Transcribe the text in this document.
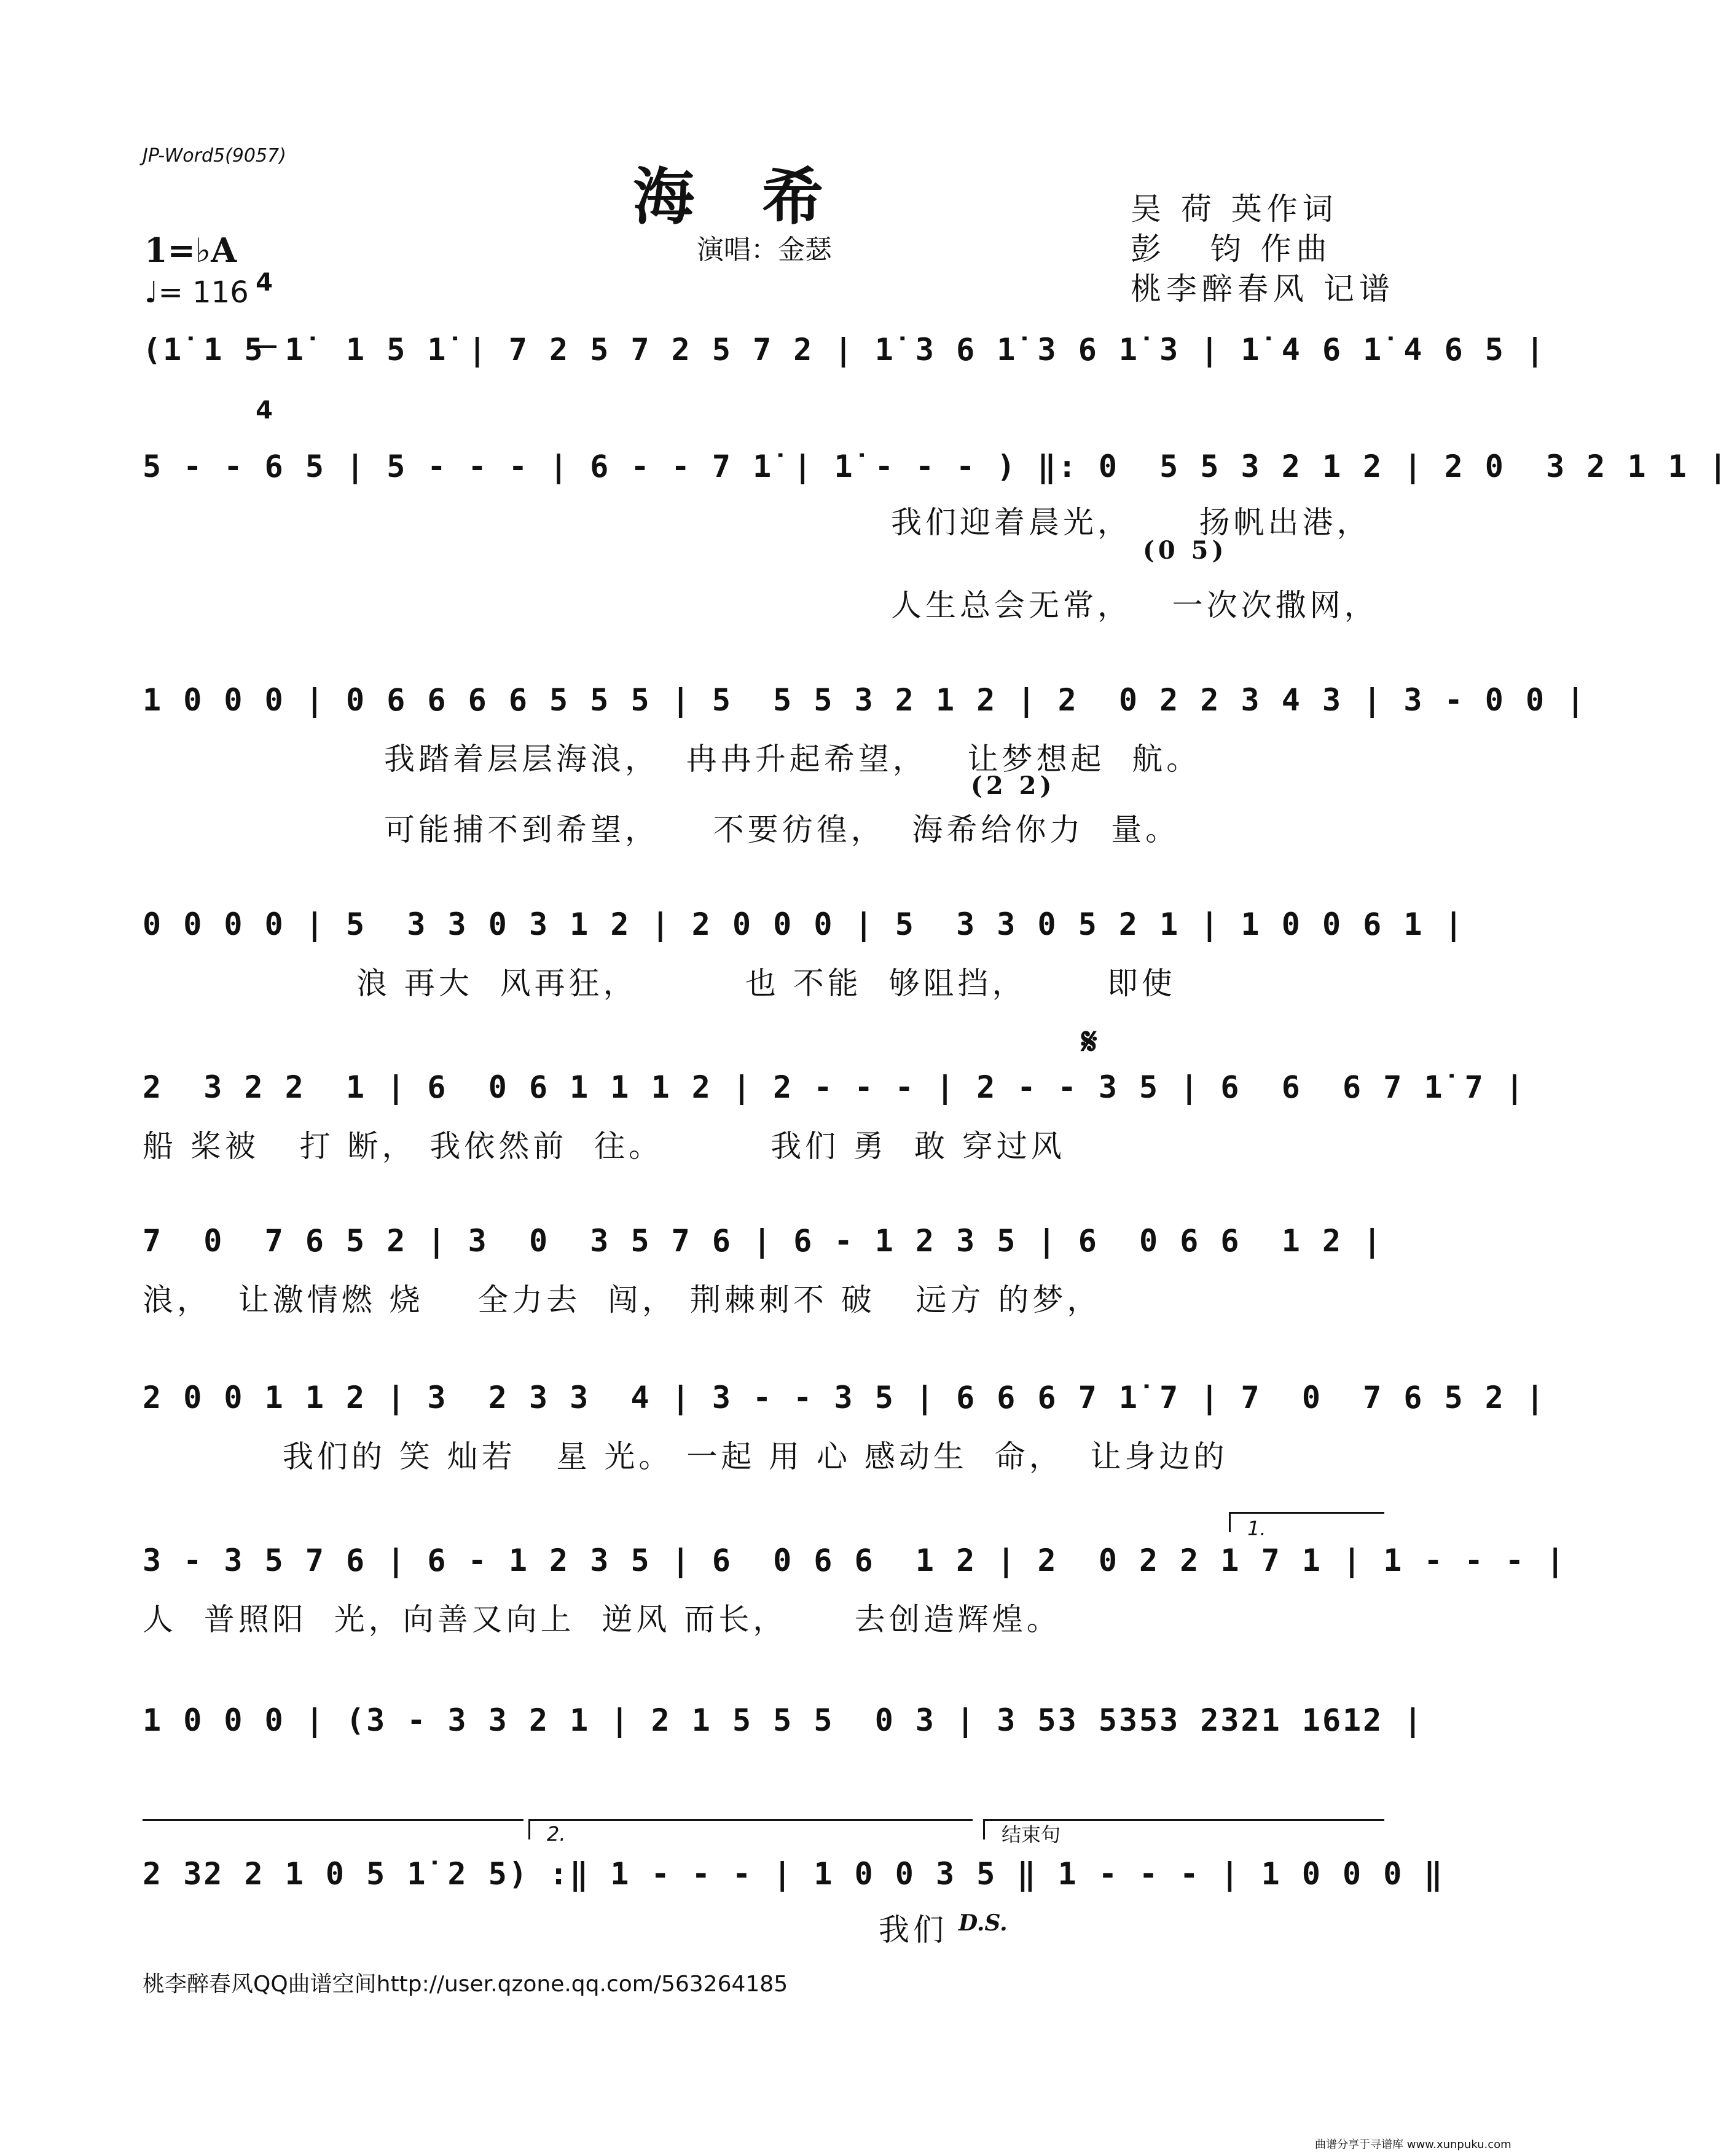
JP-Word5(9057)
海希
演唱：金瑟
吴 荷 英作词
彭   钧 作曲
桃李醉春风 记谱
1=♭A

4

4

♩= 116
(1̇ 1 5 1̇  1 5 1̇ | 7 2 5 7 2 5 7 2 | 1̇ 3 6 1̇ 3 6 1̇ 3 | 1̇ 4 6 1̇ 4 6 5 |
5 - - 6 5 | 5 - - - | 6 - - 7 1̇ | 1̇ - - - ) ‖: 0  5 5 3 2 1 2 | 2 0  3 2 1 1 |
我们迎着晨光，     扬帆出港，
(0 5)
人生总会无常，   一次次撒网，
1 0 0 0 | 0 6 6 6 6 5 5 5 | 5  5 5 3 2 1 2 | 2  0 2 2 3 4 3 | 3 - 0 0 |
我踏着层层海浪，  冉冉升起希望，   让梦想起  航。
(2 2)
可能捕不到希望，    不要彷徨，  海希给你力  量。
0 0 0 0 | 5  3 3 0 3 1 2 | 2 0 0 0 | 5  3 3 0 5 2 1 | 1 0 0 6 1 |
浪 再大  风再狂，        也 不能  够阻挡，      即使
𝄋
2  3 2 2  1 | 6  0 6 1 1 1 2 | 2 - - - | 2 - - 3 5 | 6  6  6 7 1̇ 7 |
船 桨被   打 断， 我依然前  往。        我们 勇  敢 穿过风
7  0  7 6 5 2 | 3  0  3 5 7 6 | 6 - 1 2 3 5 | 6  0 6 6  1 2 |
浪，  让激情燃 烧    全力去  闯， 荆棘刺不 破   远方 的梦，
2 0 0 1 1 2 | 3  2 3 3  4 | 3 - - 3 5 | 6 6 6 7 1̇ 7 | 7  0  7 6 5 2 |
我们的 笑 灿若   星 光。 一起 用 心 感动生  命，  让身边的
1.
3 - 3 5 7 6 | 6 - 1 2 3 5 | 6  0 6 6  1 2 | 2  0 2 2 1 7 1 | 1 - - - |
人  普照阳  光，向善又向上  逆风 而长，     去创造辉煌。
1 0 0 0 | (3 - 3 3 2 1 | 2 1 5 5 5  0 3 | 3 53 5353 2321 1612 |
2.	结束句
2 32 2 1 0 5 1̇ 2 5) :‖ 1 - - - | 1 0 0 3 5 ‖ 1 - - - | 1 0 0 0 ‖
我们 D.S.
桃李醉春风QQ曲谱空间http://user.qzone.qq.com/563264185
曲谱分享于寻谱库 www.xunpuku.com
